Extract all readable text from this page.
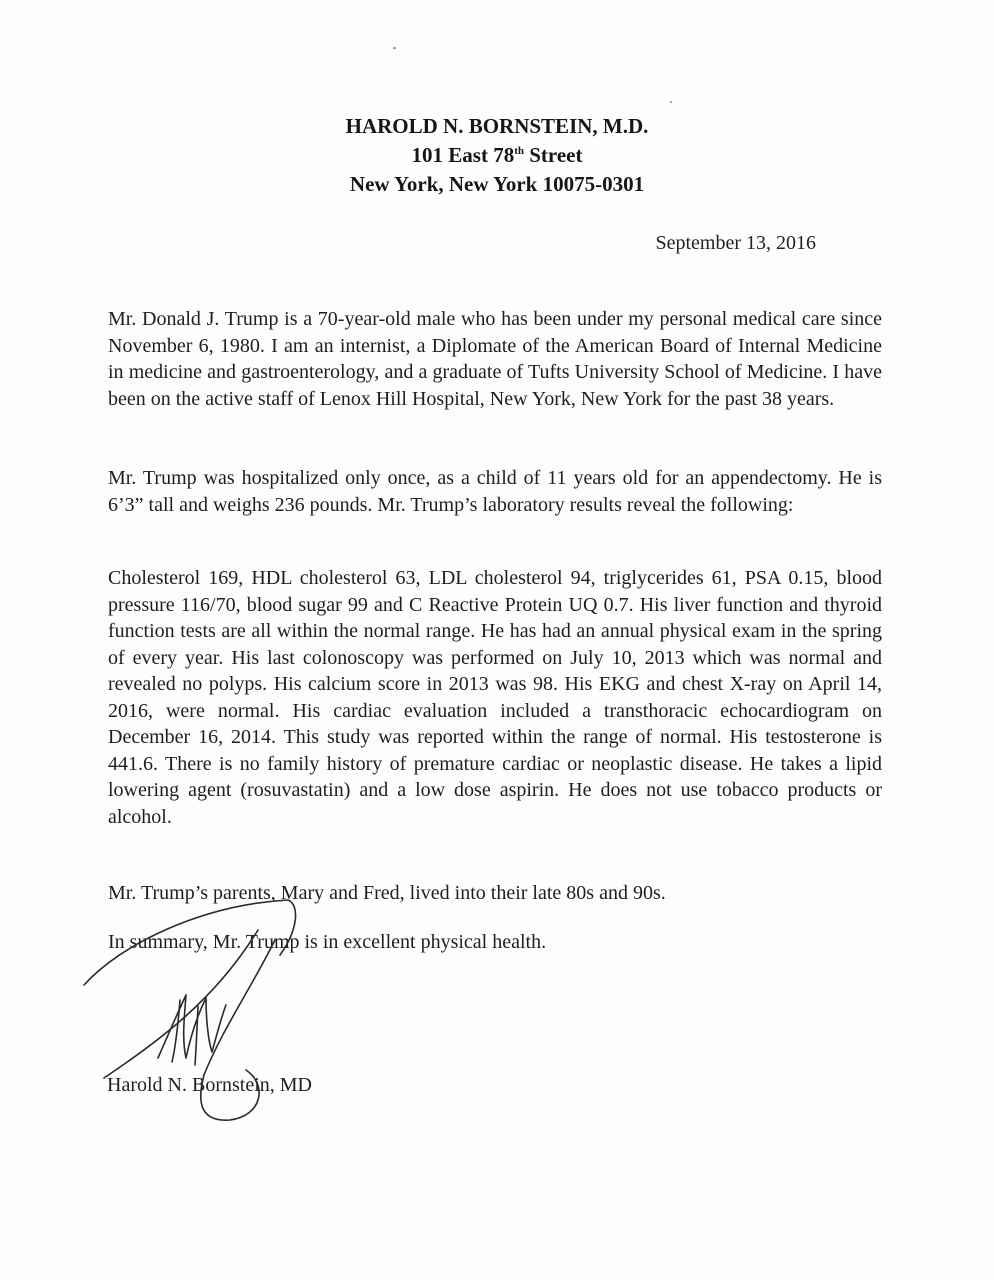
HAROLD N. BORNSTEIN, M.D.
101 East 78th Street
New York, New York 10075-0301
September 13, 2016
Mr. Donald J. Trump is a 70-year-old male who has been under my personal medical care since November 6, 1980. I am an internist, a Diplomate of the American Board of Internal Medicine in medicine and gastroenterology, and a graduate of Tufts University School of Medicine. I have been on the active staff of Lenox Hill Hospital, New York, New York for the past 38 years.
Mr. Trump was hospitalized only once, as a child of 11 years old for an appendectomy. He is 6’3” tall and weighs 236 pounds. Mr. Trump’s laboratory results reveal the following:
Cholesterol 169, HDL cholesterol 63, LDL cholesterol 94, triglycerides 61, PSA 0.15, blood pressure 116/70, blood sugar 99 and C Reactive Protein UQ 0.7. His liver function and thyroid function tests are all within the normal range. He has had an annual physical exam in the spring of every year. His last colonoscopy was performed on July 10, 2013 which was normal and revealed no polyps. His calcium score in 2013 was 98. His EKG and chest X-ray on April 14, 2016, were normal. His cardiac evaluation included a transthoracic echocardiogram on December 16, 2014. This study was reported within the range of normal. His testosterone is 441.6. There is no family history of premature cardiac or neoplastic disease. He takes a lipid lowering agent (rosuvastatin) and a low dose aspirin. He does not use tobacco products or alcohol.
Mr. Trump’s parents, Mary and Fred, lived into their late 80s and 90s.
In summary, Mr. Trump is in excellent physical health.
Harold N. Bornstein, MD
